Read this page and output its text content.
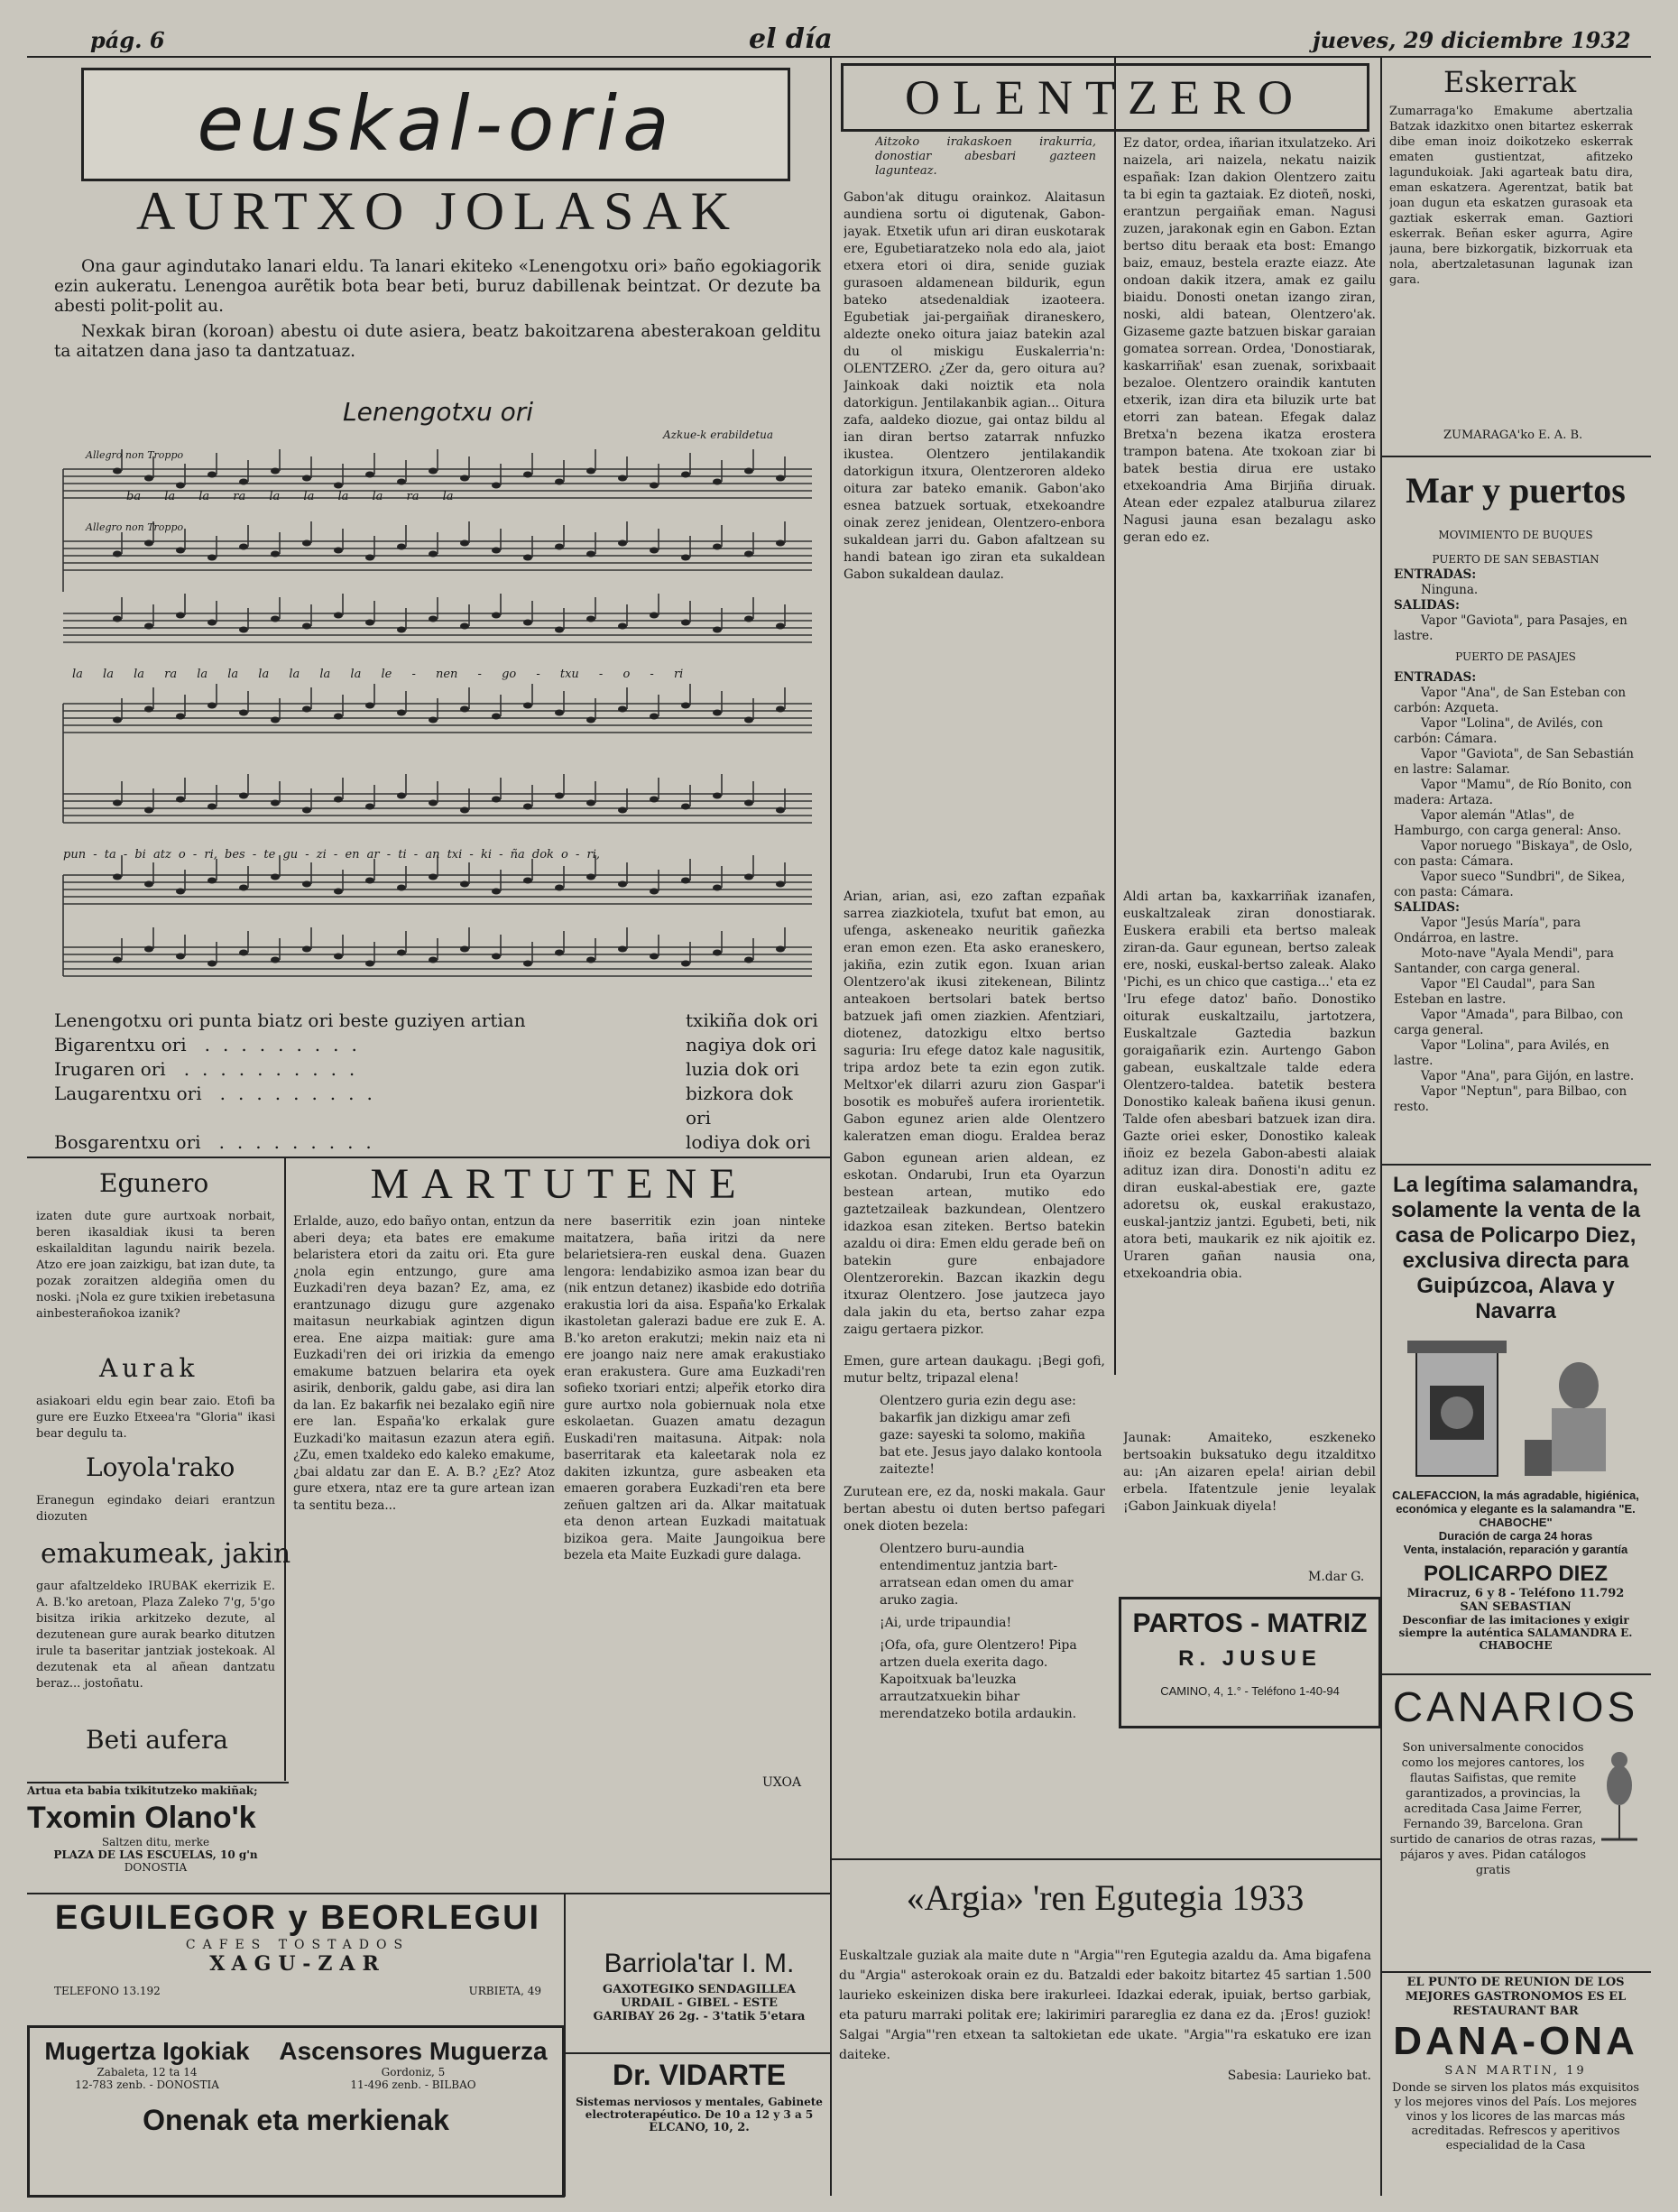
pág. 6	el día	jueves, 29 diciembre 1932
euskal-oria
AURTXO JOLASAK

Ona gaur agindutako lanari eldu. Ta lanari ekiteko «Lenengotxu ori» baño egokiagorik ezin aukeratu. Lenengoa aurẽtik bota bear beti, buruz dabillenak beintzat. Or dezute ba abesti polit-polit au.

Nexkak biran (koroan) abestu oi dute asiera, beatz bakoitzarena abesterakoan gelditu ta aitatzen dana jaso ta dantzatuaz.

Lenengotxu ori
Azkue-k erabildetua
Allegro non Troppo
Allegro non Troppo
ba la la ra la la la la ra la
la la la ra la la la la la la le - nen - go - txu - o - ri
pun - ta - bi atz o - ri, bes - te gu - zi - en ar - ti - an txi - ki - ña dok o - ri,
Lenengotxu ori punta biatz ori beste guziyen artian	txikiña dok ori
Bigarentxu ori	.........	nagiya dok ori
Irugaren ori	..........	luzia dok ori
Laugarentxu ori	.........	bizkora dok ori
Bosgarentxu ori	.........	lodiya dok ori
OLENTZERO
Aitzoko irakaskoen irakurria, donostiar abesbari gazteen lagunteaz.
Gabon'ak ditugu orainkoz. Alaitasun aundiena sortu oi digutenak, Gabon-jayak. Etxetik ufun ari diran euskotarak ere, Egubetiaratzeko nola edo ala, jaiot etxera etori oi dira, senide guziak gurasoen aldamenean bildurik, egun bateko atsedenaldiak izaoteera. Egubetiak jai-pergaiñak diraneskero, aldezte oneko oitura jaiaz batekin azal du ol miskigu Euskalerria'n: OLENTZERO. ¿Zer da, gero oitura au? Jainkoak daki noiztik eta nola datorkigun. Jentilakanbik agian... Oitura zafa, aaldeko diozue, gai ontaz bildu al ian diran bertso zatarrak nnfuzko ikustea. Olentzero jentilakandik datorkigun itxura, Olentzeroren aldeko oitura zar bateko emanik. Gabon'ako esnea batzuek sortuak, etxekoandre oinak zerez jenidean, Olentzero-enbora sukaldean jarri du. Gabon afaltzean su handi batean igo ziran eta sukaldean Gabon sukaldean daulaz.
Ez dator, ordea, iñarian itxulatzeko. Ari naizela, ari naizela, nekatu naizik españak: Izan dakion Olentzero zaitu ta bi egin ta gaztaiak. Ez dioteñ, noski, erantzun pergaiñak eman. Nagusi zuzen, jarakonak egin en Gabon. Eztan bertso ditu beraak eta bost: Emango baiz, emauz, bestela erazte eiazz. Ate ondoan dakik itzera, amak ez gailu biaidu. Donosti onetan izango ziran, noski, aldi batean, Olentzero'ak. Gizaseme gazte batzuen biskar garaian gomatea sorrean. Ordea, 'Donostiarak, kaskarriñak' esan zuenak, sorixbaait bezaloe. Olentzero oraindik kantuten etxerik, izan dira eta biluzik urte bat etorri zan batean. Efegak dalaz Bretxa'n bezena ikatza erostera trampon batena. Ate txokoan ziar bi batek bestia dirua ere ustako etxekoandria Ama Birjiña diruak. Atean eder ezpalez atalburua zilarez Nagusi jauna esan bezalagu asko geran edo ez.
Arian, arian, asi, ezo zaftan ezpañak sarrea ziazkiotela, txufut bat emon, au ufenga, askeneako neuritik gañezka eran emon ezen. Eta asko eraneskero, jakiña, ezin zutik egon. Ixuan arian Olentzero'ak ikusi zitekenean, Bilintz anteakoen bertsolari batek bertso batzuek jafi omen ziazkien. Afentziari, diotenez, datozkigu eltxo bertso saguria: Iru efege datoz kale nagusitik, tripa ardoz bete ta ezin egon zutik. Meltxor'ek dilarri azuru zion Gaspar'i bosotik es mobuřeš aufera irorientetik. Gabon egunez arien alde Olentzero kaleratzen eman diogu. Eraldea beraz
Gabon egunean arien aldean, ez eskotan. Ondarubi, Irun eta Oyarzun bestean artean, mutiko edo gaztetzaileak bazkundean, Olentzero idazkoa esan ziteken. Bertso batekin azaldu oi dira: Emen eldu gerade beñ on batekin gure enbajadore Olentzerorekin. Bazcan ikazkin degu itxuraz Olentzero. Jose jautzeca jayo dala jakin du eta, bertso zahar ezpa zaigu gertaera pizkor.
Aldi artan ba, kaxkarriñak izanafen, euskaltzaleak ziran donostiarak. Euskera erabili eta bertso maleak ziran-da. Gaur egunean, bertso zaleak ere, noski, euskal-bertso zaleak. Alako 'Pichi, es un chico que castiga...' eta ez 'Iru efege datoz' baño. Donostiko oiturak euskaltzailu, jartotzera, Euskaltzale Gaztedia bazkun goraigañarik ezin. Aurtengo Gabon gabean, euskaltzale talde edera Olentzero-taldea. batetik bestera Donostiko kaleak bañena ikusi genun. Talde ofen abesbari batzuek izan dira. Gazte oriei esker, Donostiko kaleak iñoiz ez bezela Gabon-abesti alaiak adituz izan dira. Donosti'n aditu ez diran euskal-abestiak ere, gazte adoretsu ok, euskal erakustazo, euskal-jantziz jantzi. Egubeti, beti, nik atora beti, maukarik ez nik ajoitik ez. Uraren gañan nausia ona, etxekoandria obia.

Emen, gure artean daukagu. ¡Begi gofi, mutur beltz, tripazal elena!

Olentzero guria ezin degu ase: bakarfik jan dizkigu amar zefi gaze: sayeski ta solomo, makiña bat ete. Jesus jayo dalako kontoola zaitezte!

Zurutean ere, ez da, noski makala. Gaur bertan abestu oi duten bertso pafegari onek dioten bezela:

Olentzero buru-aundia entendimentuz jantzia bart-arratsean edan omen du amar aruko zagia.

¡Ai, urde tripaundia!

¡Ofa, ofa, gure Olentzero! Pipa artzen duela exerita dago. Kapoitxuak ba'leuzka arrautzatxuekin bihar merendatzeko botila ardaukin.

Jaunak: Amaiteko, eszkeneko bertsoakin buksatuko degu itzalditxo au: ¡An aizaren epela! airian debil erbela. Ifatentzule jenie leyalak ¡Gabon Jainkuak diyela!
M.dar G.
PARTOS - MATRIZ
R. JUSUE
CAMINO, 4, 1.° - Teléfono 1-40-94
«Argia» 'ren Egutegia 1933
Euskaltzale guziak ala maite dute n "Argia"'ren Egutegia azaldu da. Ama bigafena du "Argia" asterokoak orain ez du. Batzaldi eder bakoitz bitartez 45 sartian 1.500 laurieko eskeinizen diska bere irakurleei. Idazkai ederak, ipuiak, bertso garbiak, eta paturu marraki politak ere; lakirimiri parareglia ez dana ez da. ¡Eros! guziok! Salgai "Argia"'ren etxean ta saltokietan ede ukate. "Argia"'ra eskatuko ere izan daiteke.
Sabesia: Laurieko bat.
Eskerrak
Zumarraga'ko Emakume abertzalia Batzak idazkitxo onen bitartez eskerrak dibe eman inoiz doikotzeko eskerrak ematen gustientzat, afitzeko lagundukoiak. Jaki agarteak batu dira, eman eskatzera. Agerentzat, batik bat joan dugun eta eskatzen gurasoak eta gaztiak eskerrak eman. Gaztiori eskerrak. Beñan esker agurra, Agire jauna, bere bizkorgatik, bizkorruak eta nola, abertzaletasunan lagunak izan gara.
ZUMARAGA'ko E. A. B.
Mar y puertos
MOVIMIENTO DE BUQUES
PUERTO DE SAN SEBASTIAN
ENTRADAS:
Ninguna.
SALIDAS:
Vapor "Gaviota", para Pasajes, en lastre.
PUERTO DE PASAJES
ENTRADAS:
Vapor "Ana", de San Esteban con carbón: Azqueta.
Vapor "Lolina", de Avilés, con carbón: Cámara.
Vapor "Gaviota", de San Sebastián en lastre: Salamar.
Vapor "Mamu", de Río Bonito, con madera: Artaza.
Vapor alemán "Atlas", de Hamburgo, con carga general: Anso.
Vapor noruego "Biskaya", de Oslo, con pasta: Cámara.
Vapor sueco "Sundbri", de Sikea, con pasta: Cámara.
SALIDAS:
Vapor "Jesús María", para Ondárroa, en lastre.
Moto-nave "Ayala Mendi", para Santander, con carga general.
Vapor "El Caudal", para San Esteban en lastre.
Vapor "Amada", para Bilbao, con carga general.
Vapor "Lolina", para Avilés, en lastre.
Vapor "Ana", para Gijón, en lastre.
Vapor "Neptun", para Bilbao, con resto.
La legítima salamandra, solamente la venta de la casa de Policarpo Diez, exclusiva directa para Guipúzcoa, Alava y Navarra
CALEFACCION, la más agradable, higiénica, económica y elegante es la salamandra "E. CHABOCHE"
Duración de carga 24 horas
Venta, instalación, reparación y garantía
POLICARPO DIEZ
Miracruz, 6 y 8 - Teléfono 11.792
SAN SEBASTIAN
Desconfiar de las imitaciones y exigir siempre la auténtica SALAMANDRA E. CHABOCHE
CANARIOS
Son universalmente conocidos como los mejores cantores, los flautas Saifistas, que remite garantizados, a provincias, la acreditada Casa Jaime Ferrer, Fernando 39, Barcelona. Gran surtido de canarios de otras razas, pájaros y aves. Pidan catálogos gratis
EL PUNTO DE REUNION DE LOS MEJORES GASTRONOMOS ES EL RESTAURANT BAR
DANA-ONA
SAN MARTIN, 19
Donde se sirven los platos más exquisitos y los mejores vinos del País. Los mejores vinos y los licores de las marcas más acreditadas. Refrescos y aperitivos especialidad de la Casa
Egunero
izaten dute gure aurtxoak norbait, beren ikasaldiak ikusi ta beren eskailalditan lagundu nairik bezela. Atzo ere joan zaizkigu, bat izan dute, ta pozak zoraitzen aldegiña omen du noski. ¡Nola ez gure txikien irebetasuna ainbesterañokoa izanik?
Aurak
asiakoari eldu egin bear zaio. Etofi ba gure ere Euzko Etxeea'ra "Gloria" ikasi bear degulu ta.
Loyola'rako
Eranegun egindako deiari erantzun diozuten
emakumeak, jakin
gaur afaltzeldeko IRUBAK ekerrizik E. A. B.'ko aretoan, Plaza Zaleko 7'g, 5'go bisitza irikia arkitzeko dezute, al dezutenean gure aurak bearko ditutzen irule ta baseritar jantziak jostekoak. Al dezutenak eta al añean dantzatu beraz... jostoñatu.
Beti aufera
MARTUTENE
Erlalde, auzo, edo bañyo ontan, entzun da aberi deya; eta bates ere emakume belaristera etori da zaitu ori. Eta gure ¿nola egin entzungo, gure ama Euzkadi'ren deya bazan? Ez, ama, ez erantzunago dizugu gure azgenako maitasun neurkabiak agintzen digun erea. Ene aizpa maitiak: gure ama Euzkadi'ren dei ori irizkia da emengo emakume batzuen belarira eta oyek asirik, denborik, galdu gabe, asi dira lan da lan. Ez bakarfik nei bezalako egiñ nire ere lan. España'ko erkalak gure Euzkadi'ko maitasun ezazun atera egiñ. ¿Zu, emen txaldeko edo kaleko emakume, ¿bai aldatu zar dan E. A. B.? ¿Ez? Atoz gure etxera, ntaz ere ta gure artean izan ta sentitu beza...
nere baserritik ezin joan ninteke maitatzera, baña iritzi da nere belarietsiera-ren euskal dena. Guazen lengora: lendabiziko asmoa izan bear du (nik entzun detanez) ikasbide edo dotriña erakustia lori da aisa. España'ko Erkalak ikastoletan galerazi badue ere zuk E. A. B.'ko areton erakutzi; mekin naiz eta ni ere joango naiz nere amak erakustiako eran erakustera. Gure ama Euzkadi'ren sofieko txoriari entzi; alpeřik etorko dira gure aurtxo nola gobiernuak nola etxe eskolaetan. Guazen amatu dezagun Euskadi'ren maitasuna. Aitpak: nola baserritarak eta kaleetarak nola ez dakiten izkuntza, gure asbeaken eta emaeren gorabera Euzkadi'ren eta bere zeñuen galtzen ari da. Alkar maitatuak eta denon artean Euzkadi maitatuak bizikoa gera. Maite Jaungoikua bere bezela eta Maite Euzkadi gure dalaga.
UXOA
Artua eta babia txikitutzeko makiñak;
Txomin Olano'k
Saltzen ditu, merke
PLAZA DE LAS ESCUELAS, 10 g'n
DONOSTIA
EGUILEGOR y BEORLEGUI
CAFES TOSTADOS
XAGU-ZAR
TELEFONO 13.192	URBIETA, 49
Mugertza Igokiak
Zabaleta, 12 ta 14
12-783 zenb. - DONOSTIA
Ascensores Muguerza
Gordoniz, 5
11-496 zenb. - BILBAO
Onenak eta merkienak
Barriola'tar I. M.
GAXOTEGIKO SENDAGILLEA
URDAIL - GIBEL - ESTE
GARIBAY 26 2g. - 3'tatik 5'etara
Dr. VIDARTE
Sistemas nerviosos y mentales, Gabinete electroterapéutico. De 10 a 12 y 3 a 5
ELCANO, 10, 2.
